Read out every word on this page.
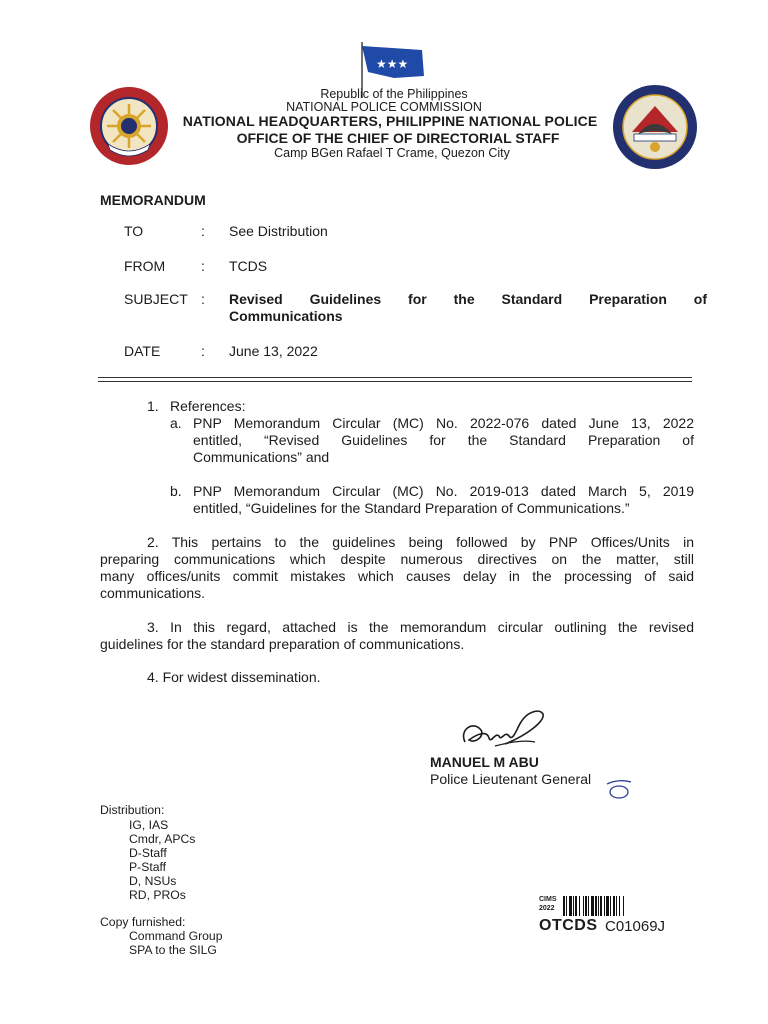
★★★
Republic of the Philippines
NATIONAL POLICE COMMISSION
NATIONAL HEADQUARTERS, PHILIPPINE NATIONAL POLICE
OFFICE OF THE CHIEF OF DIRECTORIAL STAFF
Camp BGen Rafael T Crame, Quezon City
MEMORANDUM
TO	: See Distribution
FROM	: TCDS
SUBJECT : Revised Guidelines for the Standard Preparation of
Communications
DATE	: June 13, 2022
1. References:
a. PNP Memorandum Circular (MC) No. 2022-076 dated June 13, 2022
entitled, “Revised Guidelines for the Standard Preparation of
Communications” and
b. PNP Memorandum Circular (MC) No. 2019-013 dated March 5, 2019
entitled, “Guidelines for the Standard Preparation of Communications.”
2. This pertains to the guidelines being followed by PNP Offices/Units in
preparing communications which despite numerous directives on the matter, still
many offices/units commit mistakes which causes delay in the processing of said
communications.
3. In this regard, attached is the memorandum circular outlining the revised
guidelines for the standard preparation of communications.
4. For widest dissemination.
MANUEL M ABU
Police Lieutenant General
Distribution:
IG, IAS
Cmdr, APCs
D-Staff
P-Staff
D, NSUs
RD, PROs
Copy furnished:
Command Group
SPA to the SILG
CIMS
2022
OTCDS C01069J
